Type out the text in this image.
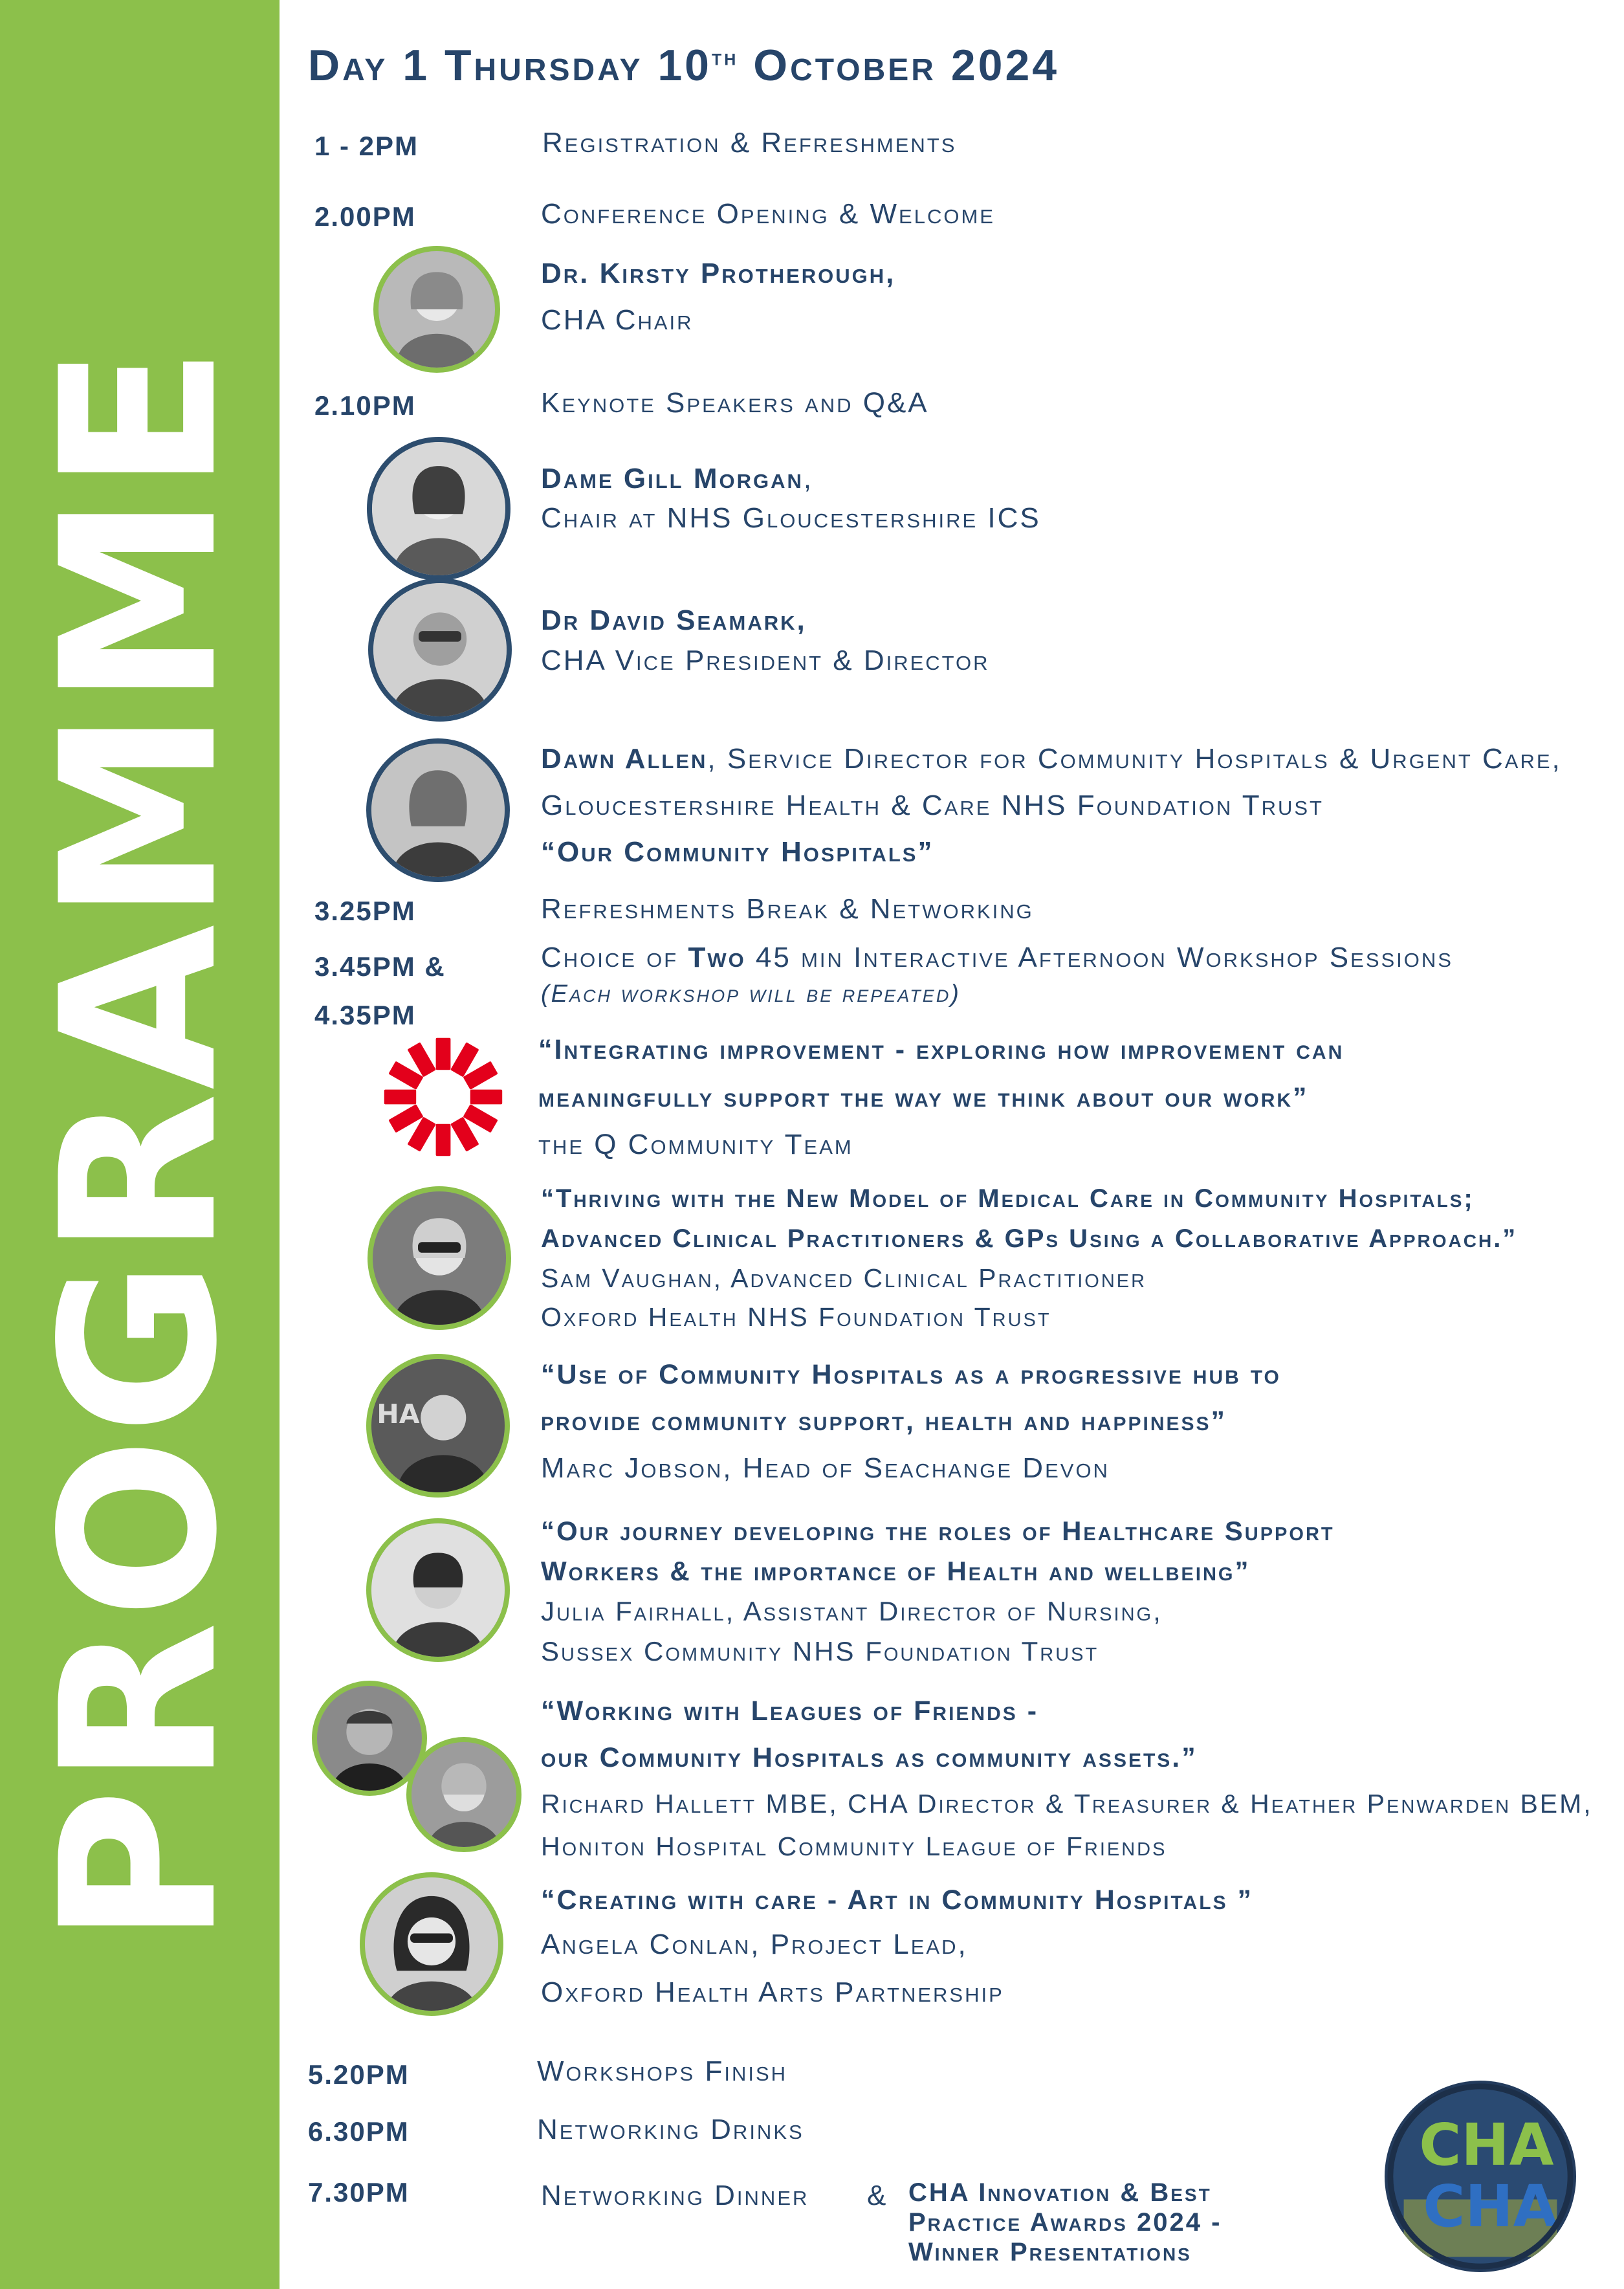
PROGRAMME
Day 1 Thursday 10th October 2024
1 - 2PM	Registration & Refreshments
2.00PM	Conference Opening & Welcome
Dr. Kirsty Protherough,
CHA Chair
2.10PM	Keynote Speakers and Q&A
Dame Gill Morgan,
Chair at NHS Gloucestershire ICS
Dr David Seamark,
CHA Vice President & Director
Dawn Allen, Service Director for Community Hospitals & Urgent Care,
Gloucestershire Health & Care NHS Foundation Trust
“Our Community Hospitals”
3.25PM	Refreshments Break & Networking
3.45PM &
4.35PM
Choice of Two 45 min Interactive Afternoon Workshop Sessions
(Each workshop will be repeated)
“Integrating improvement - exploring how improvement can
meaningfully support the way we think about our work”
the Q Community Team
“Thriving with the New Model of Medical Care in Community Hospitals;
Advanced Clinical Practitioners & GPs Using a Collaborative Approach.”
Sam Vaughan, Advanced Clinical Practitioner
Oxford Health NHS Foundation Trust
HA
“Use of Community Hospitals as a progressive hub to
provide community support, health and happiness”
Marc Jobson, Head of Seachange Devon
“Our journey developing the roles of Healthcare Support
Workers & the importance of Health and wellbeing”
Julia Fairhall, Assistant Director of Nursing,
Sussex Community NHS Foundation Trust
“Working with Leagues of Friends -
our Community Hospitals as community assets.”
Richard Hallett MBE, CHA Director & Treasurer & Heather Penwarden BEM,
Honiton Hospital Community League of Friends
“Creating with care - Art in Community Hospitals ”
Angela Conlan, Project Lead,
Oxford Health Arts Partnership
5.20PM	Workshops Finish
6.30PM	Networking Drinks
7.30PM	Networking Dinner & CHA Innovation & Best
Practice Awards 2024 -
Winner Presentations
CHA
CHA
